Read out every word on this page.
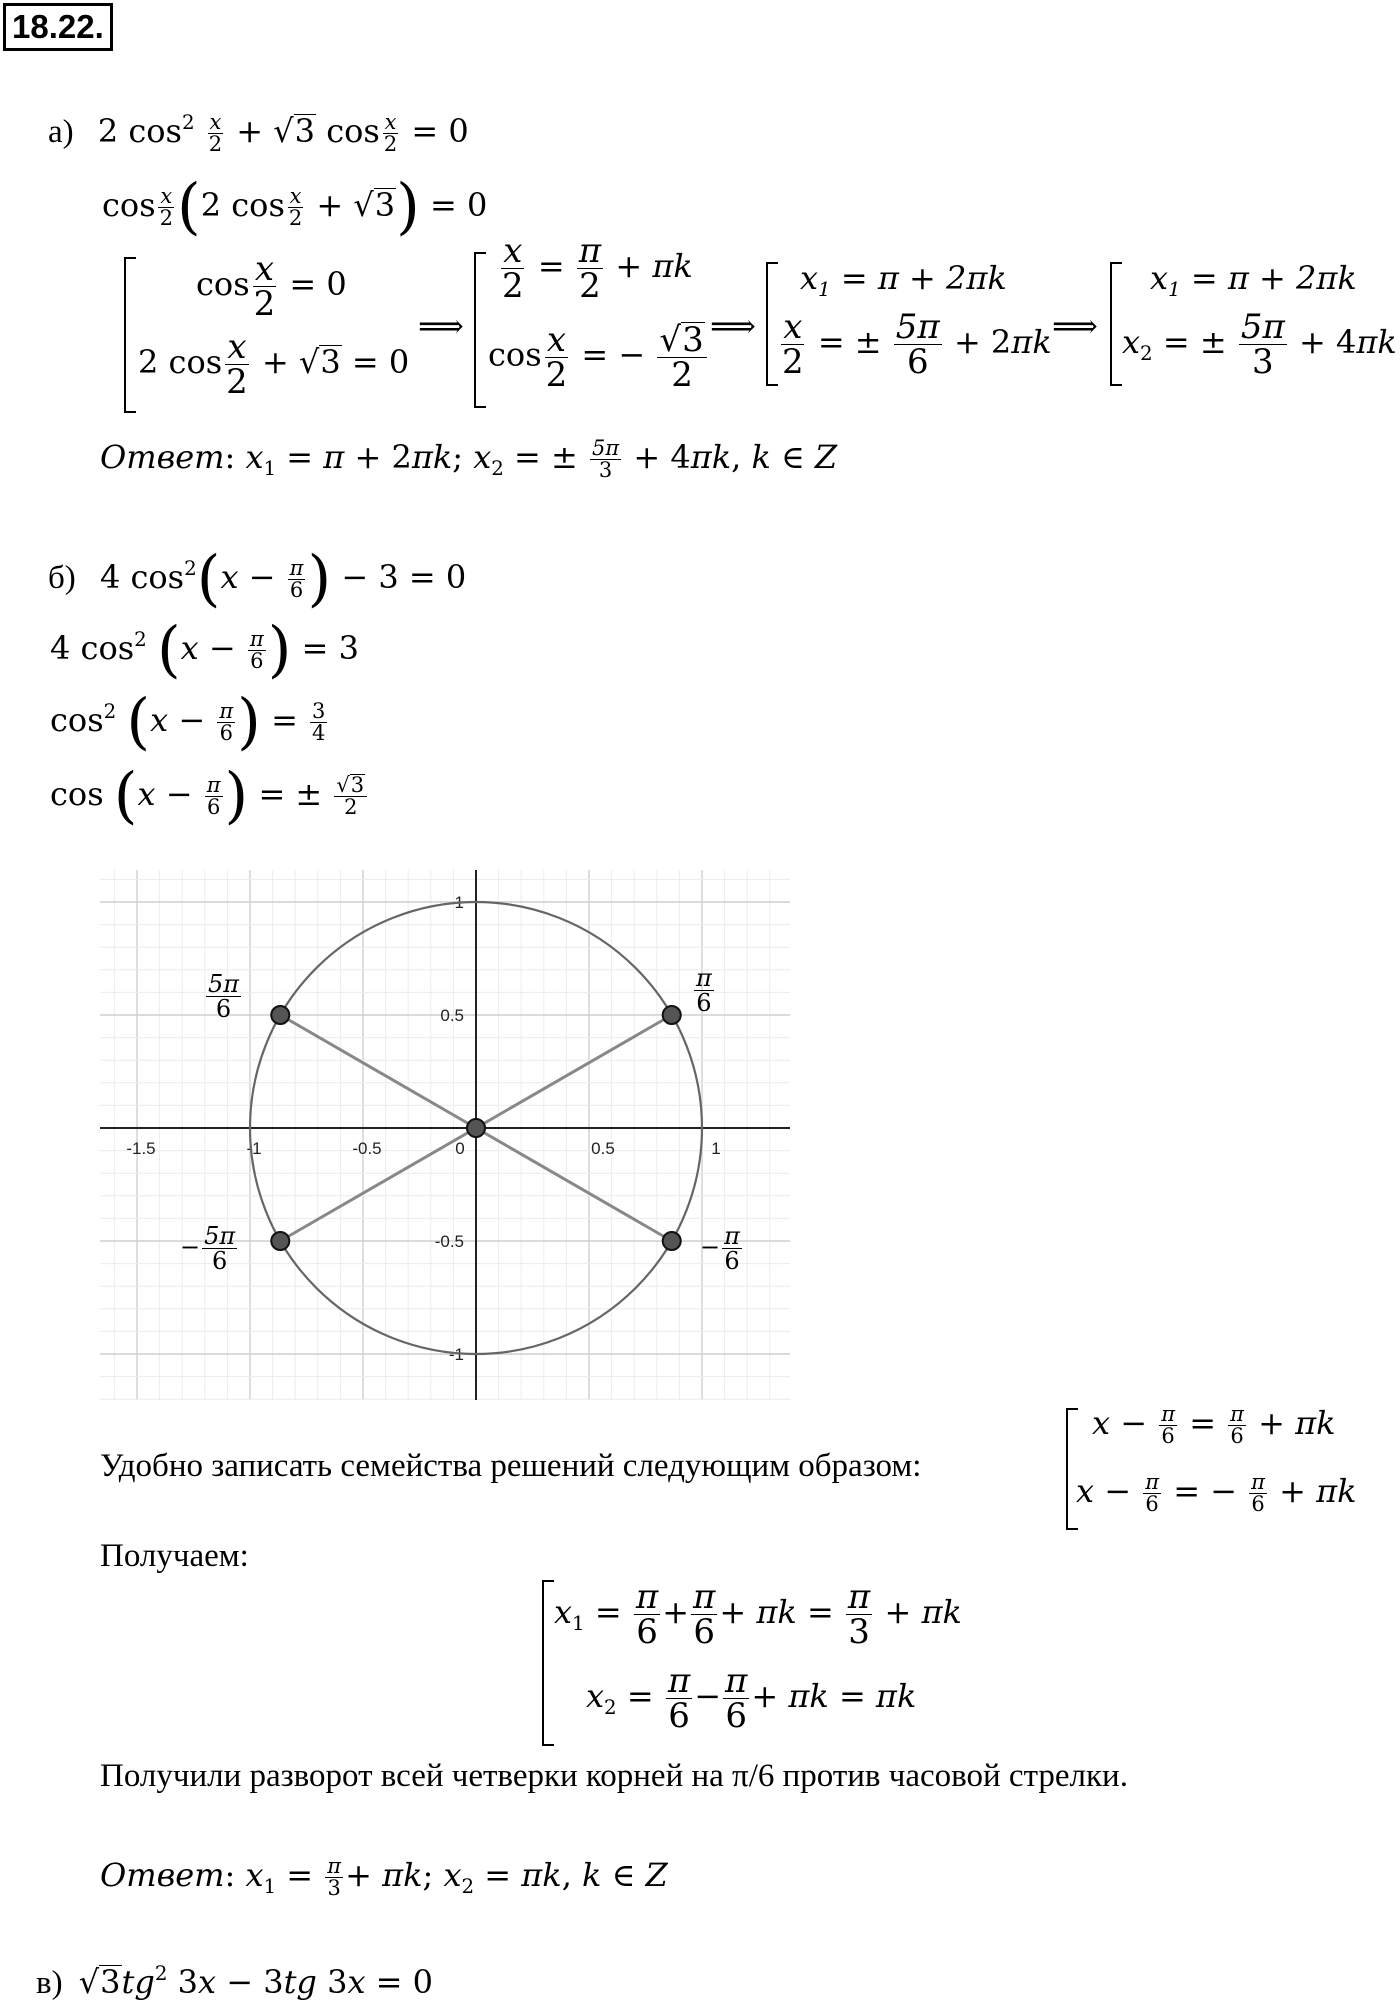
18.22.
а) 2 $\cos^2 \frac{x}{2}$ + √ 3 $\cos \frac{x}{2} = 0$
$\cos \frac{x}{2} (2$ $\cos \frac{x}{2}$ + √ 3 ) = 0
$\cos \frac{x}{2} = 0$
2 $\cos \frac{x}{2}$ + √ 3 = 0
⟹
$\frac{x}{2} = \frac{\pi}{2} + \pi k$
$\cos \frac{x}{2}$ = − $\frac{√ 3}{2}$ ⟹
$x_1 = \pi + 2\pi k$
$\frac{x}{2}$ = ± $\frac{5\pi}{6} + 2\pi k$ ⟹
$x_1 = \pi + 2\pi k$
$x_2$ = ± $\frac{5\pi}{3} + 4\pi k$
Ответ: $x_1 = \pi + 2\pi k$; $x_2$ = ± $\frac{5\pi}{3} + 4\pi k$, k ∈ Z
б) 4 $\cos^2(x - \frac{\pi}{6}$ ) − 3 = 0
4 $\cos^2 (x - \frac{\pi}{6}$ ) = 3
$\cos^2 (x - \frac{\pi}{6}$ ) = $\frac{3}{4}$
$\cos (x - \frac{\pi}{6}$ ) = ± $\frac{√ 3}{2}$
-1.5	-1	-0.5	0	0.5	1
1
0.5
-0.5
-1
$\frac{5\pi}{6}$	$\frac{\pi}{6}$
− $\frac{5\pi}{6}$	− $\frac{\pi}{6}$
Удобно записать семейства решений следующим образом:
$x - \frac{\pi}{6} = \frac{\pi}{6} + \pi k$
$x - \frac{\pi}{6}$ = − $\frac{\pi}{6} + \pi k$
Получаем:
$x_1 = \frac{\pi}{6} + \frac{\pi}{6} + \pi k = \frac{\pi}{3} + \pi k$
$x_2 = \frac{\pi}{6} - \frac{\pi}{6} + \pi k = \pi k$
Получили разворот всей четверки корней на π/6 против часовой стрелки.
Ответ: $x_1 = \frac{\pi}{3} + \pi k$; $x_2 = \pi k$, k ∈ Z
в) √ 3 $tg^2$ 3x − 3tg 3x = 0
